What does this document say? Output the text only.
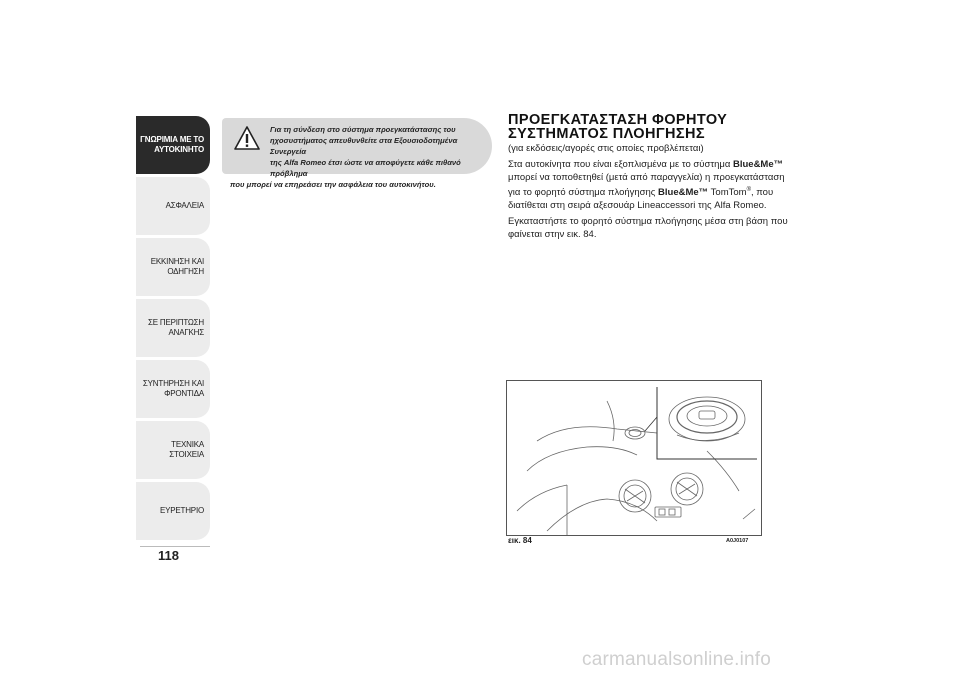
ΓΝΩΡΙΜΙΑ ΜΕ ΤΟ
ΑΥΤΟΚΙΝΗΤΟ
ΑΣΦΑΛΕΙΑ
ΕΚΚΙΝΗΣΗ ΚΑΙ
ΟΔΗΓΗΣΗ
ΣΕ ΠΕΡΙΠΤΩΣΗ
ΑΝΑΓΚΗΣ
ΣΥΝΤΗΡΗΣΗ ΚΑΙ
ΦΡΟΝΤΙΔΑ
ΤΕΧΝΙΚΑ ΣΤΟΙΧΕΙΑ
ΕΥΡΕΤΗΡΙΟ
118
Για τη σύνδεση στο σύστημα προεγκατάστασης του
ηχοσυστήματος απευθυνθείτε στα Εξουσιοδοτημένα Συνεργεία
της Alfa Romeo έτσι ώστε να αποφύγετε κάθε πιθανό πρόβλημα
που μπορεί να επηρεάσει την ασφάλεια του αυτοκινήτου.
ΠΡΟΕΓΚΑΤΑΣΤΑΣΗ ΦΟΡΗΤΟΥ
ΣΥΣΤΗΜΑΤΟΣ ΠΛΟΗΓΗΣΗΣ

(για εκδόσεις/αγορές στις οποίες προβλέπεται)

Στα αυτοκίνητα που είναι εξοπλισμένα με το σύστημα Blue&Me™ μπορεί να τοποθετηθεί (μετά από παραγγελία) η προεγκατάσταση για το φορητό σύστημα πλοήγησης Blue&Me™ TomTom®, που διατίθεται στη σειρά αξεσουάρ Lineaccessori της Alfa Romeo.

Εγκαταστήστε το φορητό σύστημα πλοήγησης μέσα στη βάση που φαίνεται στην εικ. 84.

εικ. 84	A0J0107
carmanualsonline.info
